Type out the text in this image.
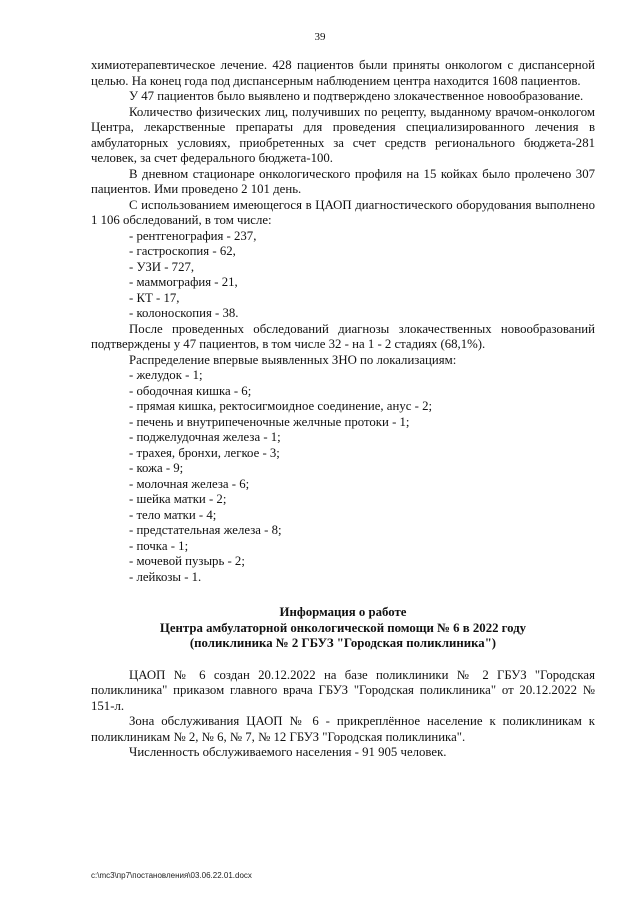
39

химиотерапевтическое лечение. 428 пациентов были приняты онкологом с диспансерной целью. На конец года под диспансерным наблюдением центра находится 1608 пациентов.

У 47 пациентов было выявлено и подтверждено злокачественное новообразование.

Количество физических лиц, получивших по рецепту, выданному врачом-онкологом Центра, лекарственные препараты для проведения специализированного лечения в амбулаторных условиях, приобретенных за счет средств регионального бюджета-281 человек, за счет федерального бюджета-100.

В дневном стационаре онкологического профиля на 15 койках было пролечено 307 пациентов. Ими проведено 2 101 день.

С использованием имеющегося в ЦАОП диагностического оборудования выполнено 1 106 обследований, в том числе:

- рентгенография - 237,
- гастроскопия - 62,
- УЗИ - 727,
- маммография - 21,
- КТ - 17,
- колоноскопия - 38.

После проведенных обследований диагнозы злокачественных новообразований подтверждены у 47 пациентов, в том числе 32 - на 1 - 2 стадиях (68,1%).

Распределение впервые выявленных ЗНО по локализациям:

- желудок - 1;
- ободочная кишка - 6;
- прямая кишка, ректосигмоидное соединение, анус - 2;
- печень и внутрипеченочные желчные протоки - 1;
- поджелудочная железа - 1;
- трахея, бронхи, легкое - 3;
- кожа - 9;
- молочная железа - 6;
- шейка матки - 2;
- тело матки - 4;
- предстательная железа - 8;
- почка - 1;
- мочевой пузырь - 2;
- лейкозы - 1.

Информация о работе

Центра амбулаторной онкологической помощи № 6 в 2022 году

(поликлиника № 2 ГБУЗ "Городская поликлиника")

ЦАОП № 6 создан 20.12.2022 на базе поликлиники № 2 ГБУЗ "Городская поликлиника" приказом главного врача ГБУЗ "Городская поликлиника" от 20.12.2022 № 151-л.

Зона обслуживания ЦАОП № 6 - прикреплённое население к поликлиникам к поликлиникам № 2, № 6, № 7, № 12 ГБУЗ "Городская поликлиника".

Численность обслуживаемого населения - 91 905 человек.

c:\mc3\пр7\постановления\03.06.22.01.docx
